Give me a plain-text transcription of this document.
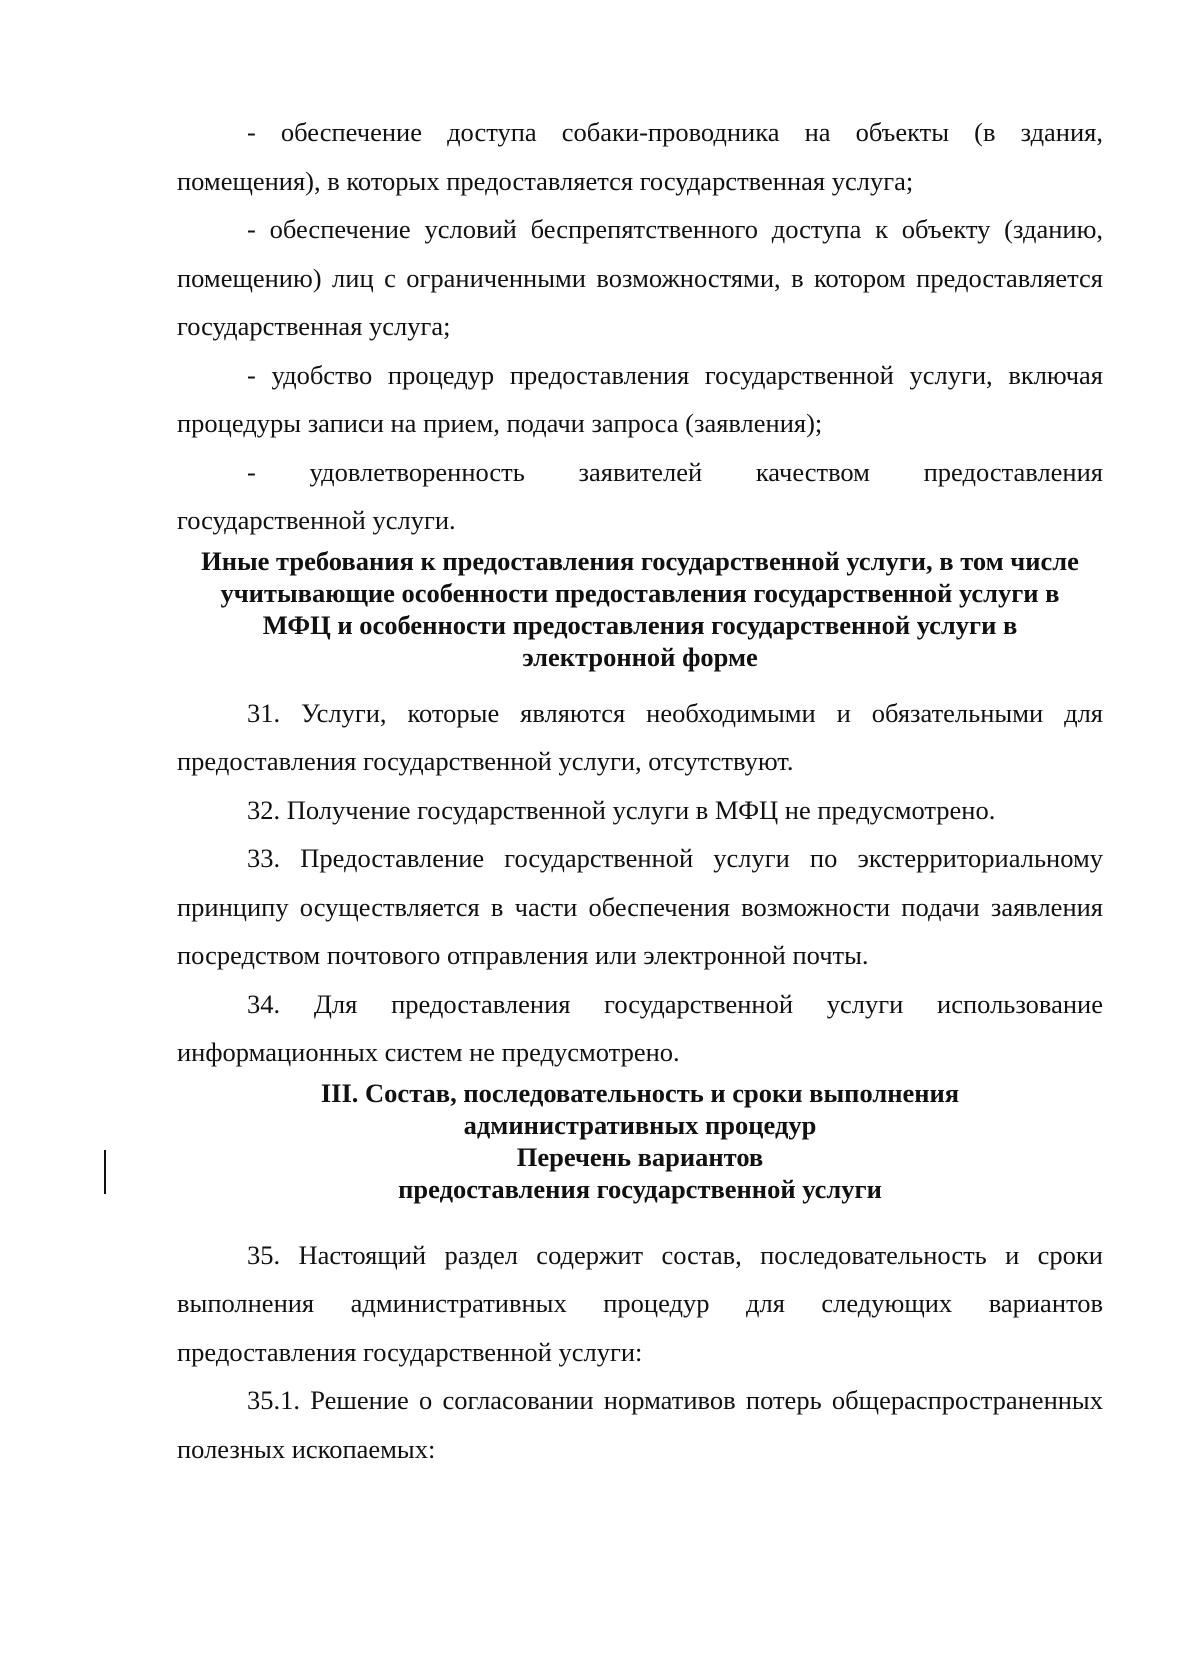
- обеспечение доступа собаки-проводника на объекты (в здания, помещения), в которых предоставляется государственная услуга;

- обеспечение условий беспрепятственного доступа к объекту (зданию, помещению) лиц с ограниченными возможностями, в котором предоставляется государственная услуга;

- удобство процедур предоставления государственной услуги, включая процедуры записи на прием, подачи запроса (заявления);

- удовлетворенность заявителей качеством предоставления государственной услуги.

Иные требования к предоставления государственной услуги, в том числе
учитывающие особенности предоставления государственной услуги в
МФЦ и особенности предоставления государственной услуги в
электронной форме

31. Услуги, которые являются необходимыми и обязательными для предоставления государственной услуги, отсутствуют.

32. Получение государственной услуги в МФЦ не предусмотрено.

33. Предоставление государственной услуги по экстерриториальному принципу осуществляется в части обеспечения возможности подачи заявления посредством почтового отправления или электронной почты.

34. Для предоставления государственной услуги использование информационных систем не предусмотрено.

III. Состав, последовательность и сроки выполнения
административных процедур
Перечень вариантов
предоставления государственной услуги

35. Настоящий раздел содержит состав, последовательность и сроки выполнения административных процедур для следующих вариантов предоставления государственной услуги:

35.1. Решение о согласовании нормативов потерь общераспространенных полезных ископаемых:
